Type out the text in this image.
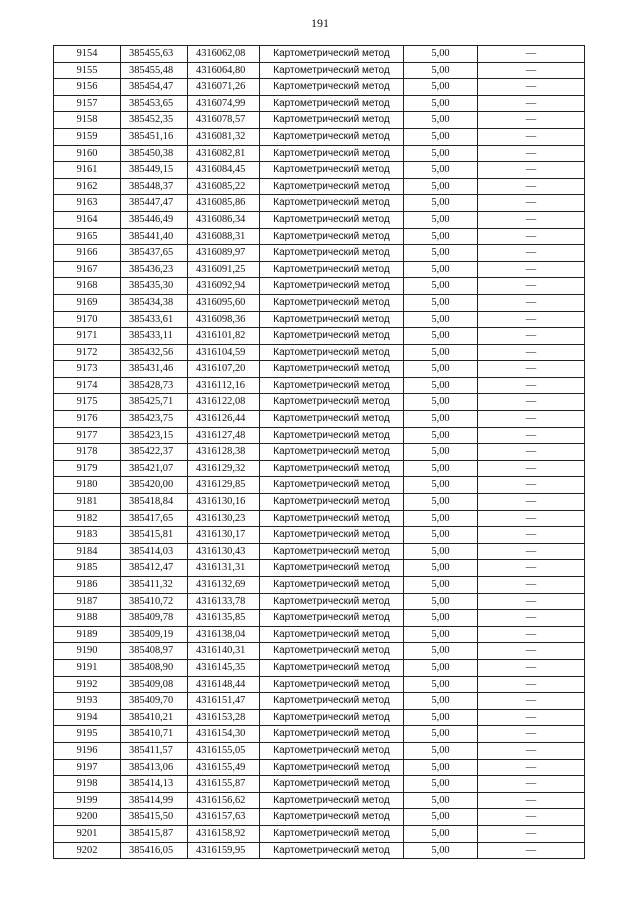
191
9154	385455,63	4316062,08	Картометрический метод	5,00	—
9155	385455,48	4316064,80	Картометрический метод	5,00	—
9156	385454,47	4316071,26	Картометрический метод	5,00	—
9157	385453,65	4316074,99	Картометрический метод	5,00	—
9158	385452,35	4316078,57	Картометрический метод	5,00	—
9159	385451,16	4316081,32	Картометрический метод	5,00	—
9160	385450,38	4316082,81	Картометрический метод	5,00	—
9161	385449,15	4316084,45	Картометрический метод	5,00	—
9162	385448,37	4316085,22	Картометрический метод	5,00	—
9163	385447,47	4316085,86	Картометрический метод	5,00	—
9164	385446,49	4316086,34	Картометрический метод	5,00	—
9165	385441,40	4316088,31	Картометрический метод	5,00	—
9166	385437,65	4316089,97	Картометрический метод	5,00	—
9167	385436,23	4316091,25	Картометрический метод	5,00	—
9168	385435,30	4316092,94	Картометрический метод	5,00	—
9169	385434,38	4316095,60	Картометрический метод	5,00	—
9170	385433,61	4316098,36	Картометрический метод	5,00	—
9171	385433,11	4316101,82	Картометрический метод	5,00	—
9172	385432,56	4316104,59	Картометрический метод	5,00	—
9173	385431,46	4316107,20	Картометрический метод	5,00	—
9174	385428,73	4316112,16	Картометрический метод	5,00	—
9175	385425,71	4316122,08	Картометрический метод	5,00	—
9176	385423,75	4316126,44	Картометрический метод	5,00	—
9177	385423,15	4316127,48	Картометрический метод	5,00	—
9178	385422,37	4316128,38	Картометрический метод	5,00	—
9179	385421,07	4316129,32	Картометрический метод	5,00	—
9180	385420,00	4316129,85	Картометрический метод	5,00	—
9181	385418,84	4316130,16	Картометрический метод	5,00	—
9182	385417,65	4316130,23	Картометрический метод	5,00	—
9183	385415,81	4316130,17	Картометрический метод	5,00	—
9184	385414,03	4316130,43	Картометрический метод	5,00	—
9185	385412,47	4316131,31	Картометрический метод	5,00	—
9186	385411,32	4316132,69	Картометрический метод	5,00	—
9187	385410,72	4316133,78	Картометрический метод	5,00	—
9188	385409,78	4316135,85	Картометрический метод	5,00	—
9189	385409,19	4316138,04	Картометрический метод	5,00	—
9190	385408,97	4316140,31	Картометрический метод	5,00	—
9191	385408,90	4316145,35	Картометрический метод	5,00	—
9192	385409,08	4316148,44	Картометрический метод	5,00	—
9193	385409,70	4316151,47	Картометрический метод	5,00	—
9194	385410,21	4316153,28	Картометрический метод	5,00	—
9195	385410,71	4316154,30	Картометрический метод	5,00	—
9196	385411,57	4316155,05	Картометрический метод	5,00	—
9197	385413,06	4316155,49	Картометрический метод	5,00	—
9198	385414,13	4316155,87	Картометрический метод	5,00	—
9199	385414,99	4316156,62	Картометрический метод	5,00	—
9200	385415,50	4316157,63	Картометрический метод	5,00	—
9201	385415,87	4316158,92	Картометрический метод	5,00	—
9202	385416,05	4316159,95	Картометрический метод	5,00	—
